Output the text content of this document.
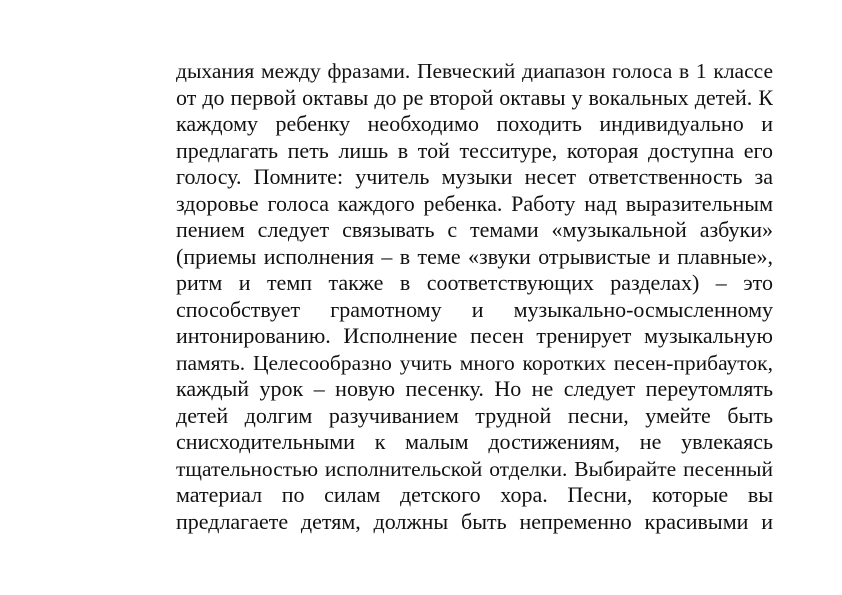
дыхания между фразами. Певческий диапазон голоса в 1 классе
от до первой октавы до ре второй октавы у вокальных детей. К
каждому ребенку необходимо походить индивидуально и
предлагать петь лишь в той тесситуре, которая доступна его
голосу. Помните: учитель музыки несет ответственность за
здоровье голоса каждого ребенка. Работу над выразительным
пением следует связывать с темами «музыкальной азбуки»
(приемы исполнения – в теме «звуки отрывистые и плавные»,
ритм и темп также в соответствующих разделах) – это
способствует грамотному и музыкально-осмысленному
интонированию. Исполнение песен тренирует музыкальную
память. Целесообразно учить много коротких песен-прибауток,
каждый урок – новую песенку. Но не следует переутомлять
детей долгим разучиванием трудной песни, умейте быть
снисходительными к малым достижениям, не увлекаясь
тщательностью исполнительской отделки. Выбирайте песенный
материал по силам детского хора. Песни, которые вы
предлагаете детям, должны быть непременно красивыми и
